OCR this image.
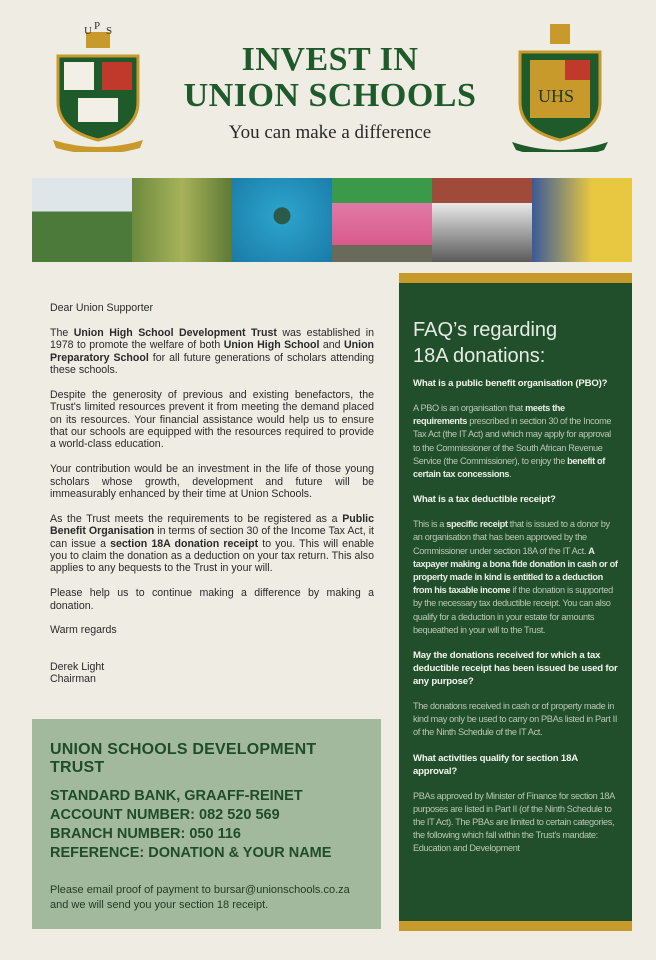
U P S
INVEST IN
UNION SCHOOLS
You can make a difference
UHS

Dear Union Supporter

The Union High School Development Trust was established in 1978 to promote the welfare of both Union High School and Union Preparatory School for all future generations of scholars attending these schools.

Despite the generosity of previous and existing benefactors, the Trust's limited resources prevent it from meeting the demand placed on its resources. Your financial assistance would help us to ensure that our schools are equipped with the resources required to provide a world-class education.

Your contribution would be an investment in the life of those young scholars whose growth, development and future will be immeasurably enhanced by their time at Union Schools.

As the Trust meets the requirements to be registered as a Public Benefit Organisation in terms of section 30 of the Income Tax Act, it can issue a section 18A donation receipt to you. This will enable you to claim the donation as a deduction on your tax return. This also applies to any bequests to the Trust in your will.

Please help us to continue making a difference by making a donation.

Warm regards

Derek Light
Chairman
UNION SCHOOLS DEVELOPMENT TRUST
STANDARD BANK, GRAAFF-REINET
ACCOUNT NUMBER: 082 520 569
BRANCH NUMBER: 050 116
REFERENCE: DONATION & YOUR NAME
Please email proof of payment to bursar@unionschools.co.za and we will send you your section 18 receipt.
FAQ’s regarding
18A donations:
What is a public benefit organisation (PBO)?
A PBO is an organisation that meets the requirements prescribed in section 30 of the Income Tax Act (the IT Act) and which may apply for approval to the Commissioner of the South African Revenue Service (the Commissioner), to enjoy the benefit of certain tax concessions.
What is a tax deductible receipt?
This is a specific receipt that is issued to a donor by an organisation that has been approved by the Commissioner under section 18A of the IT Act. A taxpayer making a bona fide donation in cash or of property made in kind is entitled to a deduction from his taxable income if the donation is supported by the necessary tax deductible receipt. You can also qualify for a deduction in your estate for amounts bequeathed in your will to the Trust.
May the donations received for which a tax deductible receipt has been issued be used for any purpose?
The donations received in cash or of property made in kind may only be used to carry on PBAs listed in Part II of the Ninth Schedule of the IT Act.
What activities qualify for section 18A approval?
PBAs approved by Minister of Finance for section 18A purposes are listed in Part II (of the Ninth Schedule to the IT Act). The PBAs are limited to certain categories, the following which fall within the Trust’s mandate: Education and Development
